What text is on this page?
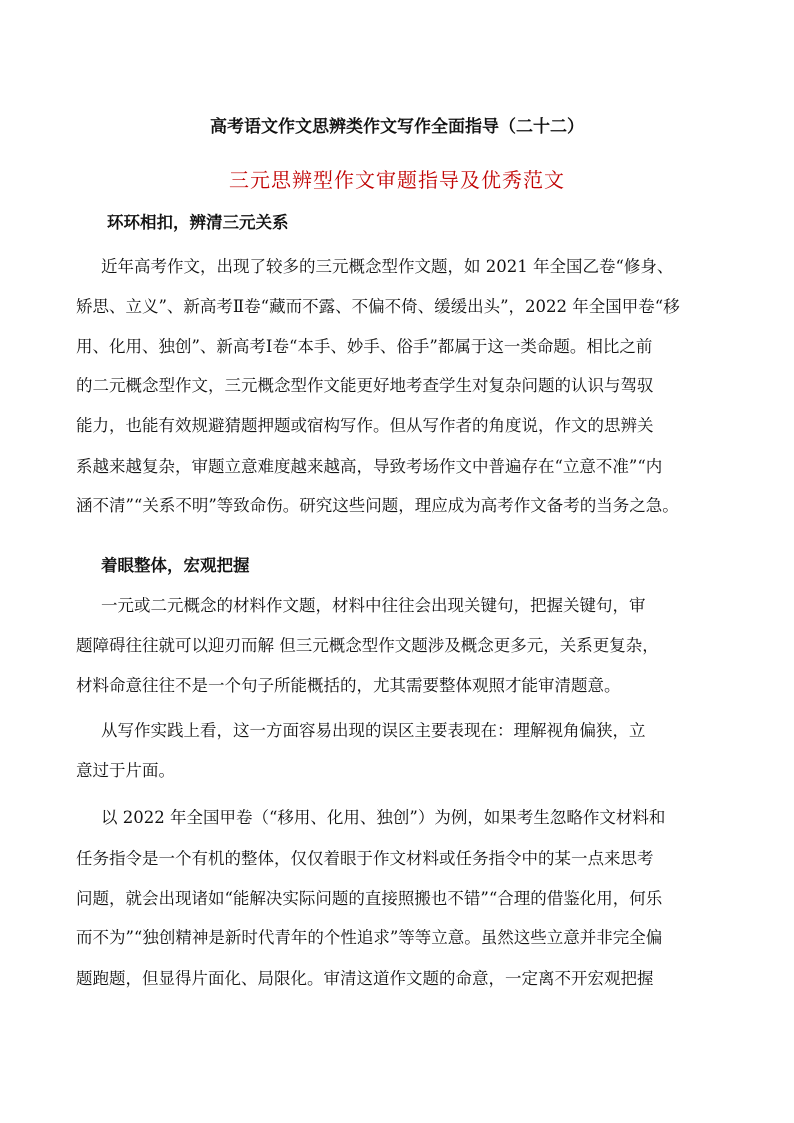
高考语文作文思辨类作文写作全面指导（二十二）
三元思辨型作文审题指导及优秀范文
环环相扣，辨清三元关系
近年高考作文，出现了较多的三元概念型作文题，如 2021 年全国乙卷“修身、
矫思、立义”、新高考Ⅱ卷“藏而不露、不偏不倚、缓缓出头”，2022 年全国甲卷“移
用、化用、独创”、新高考Ⅰ卷“本手、妙手、俗手”都属于这一类命题。相比之前
的二元概念型作文，三元概念型作文能更好地考查学生对复杂问题的认识与驾驭
能力，也能有效规避猜题押题或宿构写作。但从写作者的角度说，作文的思辨关
系越来越复杂，审题立意难度越来越高，导致考场作文中普遍存在“立意不准”“内
涵不清”“关系不明”等致命伤。研究这些问题，理应成为高考作文备考的当务之急。
着眼整体，宏观把握
一元或二元概念的材料作文题，材料中往往会出现关键句，把握关键句，审
题障碍往往就可以迎刃而解 但三元概念型作文题涉及概念更多元，关系更复杂，
材料命意往往不是一个句子所能概括的，尤其需要整体观照才能审清题意。
从写作实践上看，这一方面容易出现的误区主要表现在：理解视角偏狭，立
意过于片面。
以 2022 年全国甲卷（“移用、化用、独创”）为例，如果考生忽略作文材料和
任务指令是一个有机的整体，仅仅着眼于作文材料或任务指令中的某一点来思考
问题，就会出现诸如“能解决实际问题的直接照搬也不错”“合理的借鉴化用，何乐
而不为”“独创精神是新时代青年的个性追求”等等立意。虽然这些立意并非完全偏
题跑题，但显得片面化、局限化。审清这道作文题的命意，一定离不开宏观把握
